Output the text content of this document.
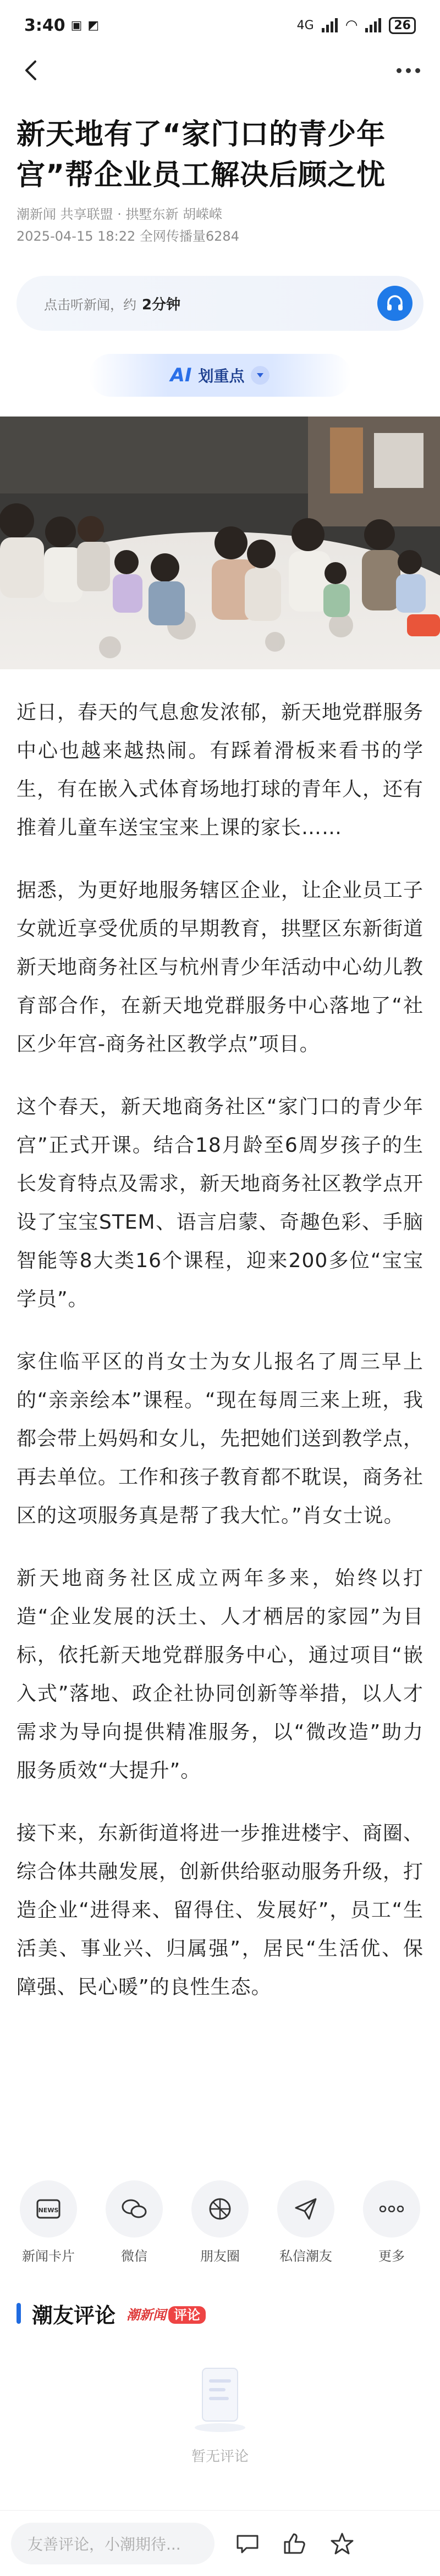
3:40 ▣ ◩	4G ◠	26
新天地有了“家门口的青少年宫”帮企业员工解决后顾之忧
潮新闻 共享联盟 · 拱墅东新 胡嵘嵘
2025-04-15 18:22 全网传播量6284
点击听新闻，约 2分钟
AI 划重点

近日，春天的气息愈发浓郁，新天地党群服务中心也越来越热闹。有踩着滑板来看书的学生，有在嵌入式体育场地打球的青年人，还有推着儿童车送宝宝来上课的家长……

据悉，为更好地服务辖区企业，让企业员工子女就近享受优质的早期教育，拱墅区东新街道新天地商务社区与杭州青少年活动中心幼儿教育部合作，在新天地党群服务中心落地了“社区少年宫-商务社区教学点”项目。

这个春天，新天地商务社区“家门口的青少年宫”正式开课。结合18月龄至6周岁孩子的生长发育特点及需求，新天地商务社区教学点开设了宝宝STEM、语言启蒙、奇趣色彩、手脑智能等8大类16个课程，迎来200多位“宝宝学员”。

家住临平区的肖女士为女儿报名了周三早上的“亲亲绘本”课程。“现在每周三来上班，我都会带上妈妈和女儿，先把她们送到教学点，再去单位。工作和孩子教育都不耽误，商务社区的这项服务真是帮了我大忙。”肖女士说。

新天地商务社区成立两年多来，始终以打造“企业发展的沃土、人才栖居的家园”为目标，依托新天地党群服务中心，通过项目“嵌入式”落地、政企社协同创新等举措，以人才需求为导向提供精准服务，以“微改造”助力服务质效“大提升”。

接下来，东新街道将进一步推进楼宇、商圈、综合体共融发展，创新供给驱动服务升级，打造企业“进得来、留得住、发展好”，员工“生活美、事业兴、归属强”，居民“生活优、保障强、民心暖”的良性生态。

NEWS
新闻卡片	微信	朋友圈	私信潮友	更多
潮友评论 潮新闻 评论
暂无评论
友善评论，小潮期待...
